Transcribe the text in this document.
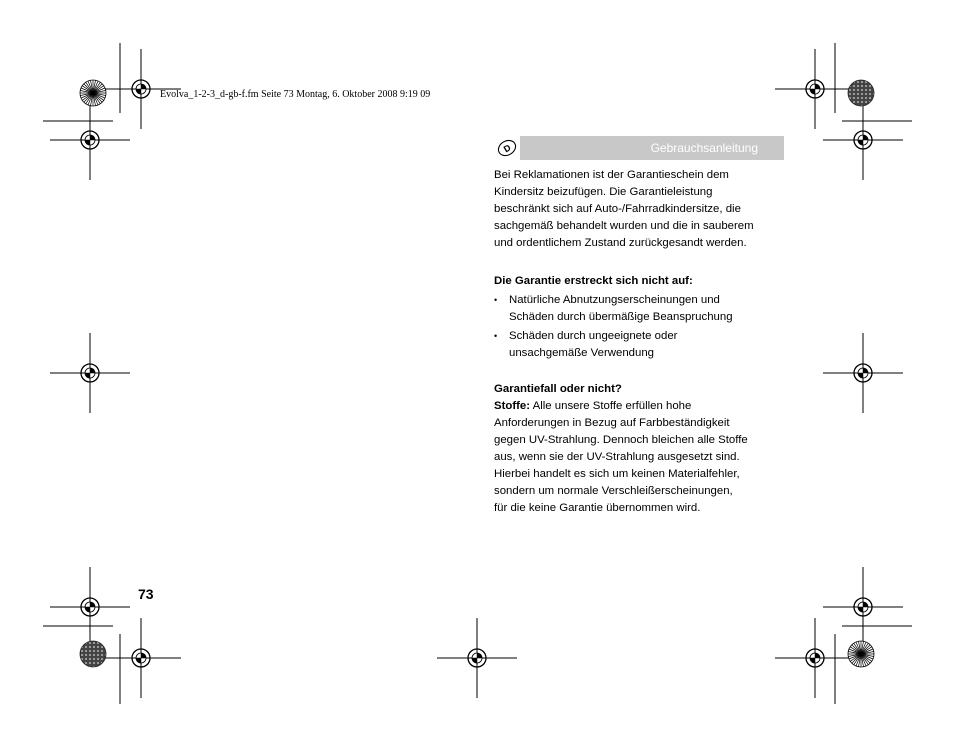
Evolva_1-2-3_d-gb-f.fm Seite 73 Montag, 6. Oktober 2008 9:19 09
D	Gebrauchsanleitung

Bei Reklamationen ist der Garantieschein dem
Kindersitz beizufügen. Die Garantieleistung
beschränkt sich auf Auto-/Fahrradkindersitze, die
sachgemäß behandelt wurden und die in sauberem
und ordentlichem Zustand zurückgesandt werden.

Die Garantie erstreckt sich nicht auf:

• Natürliche Abnutzungserscheinungen und
Schäden durch übermäßige Beanspruchung
• Schäden durch ungeeignete oder
unsachgemäße Verwendung

Garantiefall oder nicht?

Stoffe: Alle unsere Stoffe erfüllen hohe
Anforderungen in Bezug auf Farbbeständigkeit
gegen UV-Strahlung. Dennoch bleichen alle Stoffe
aus, wenn sie der UV-Strahlung ausgesetzt sind.
Hierbei handelt es sich um keinen Materialfehler,
sondern um normale Verschleißerscheinungen,
für die keine Garantie übernommen wird.

73
